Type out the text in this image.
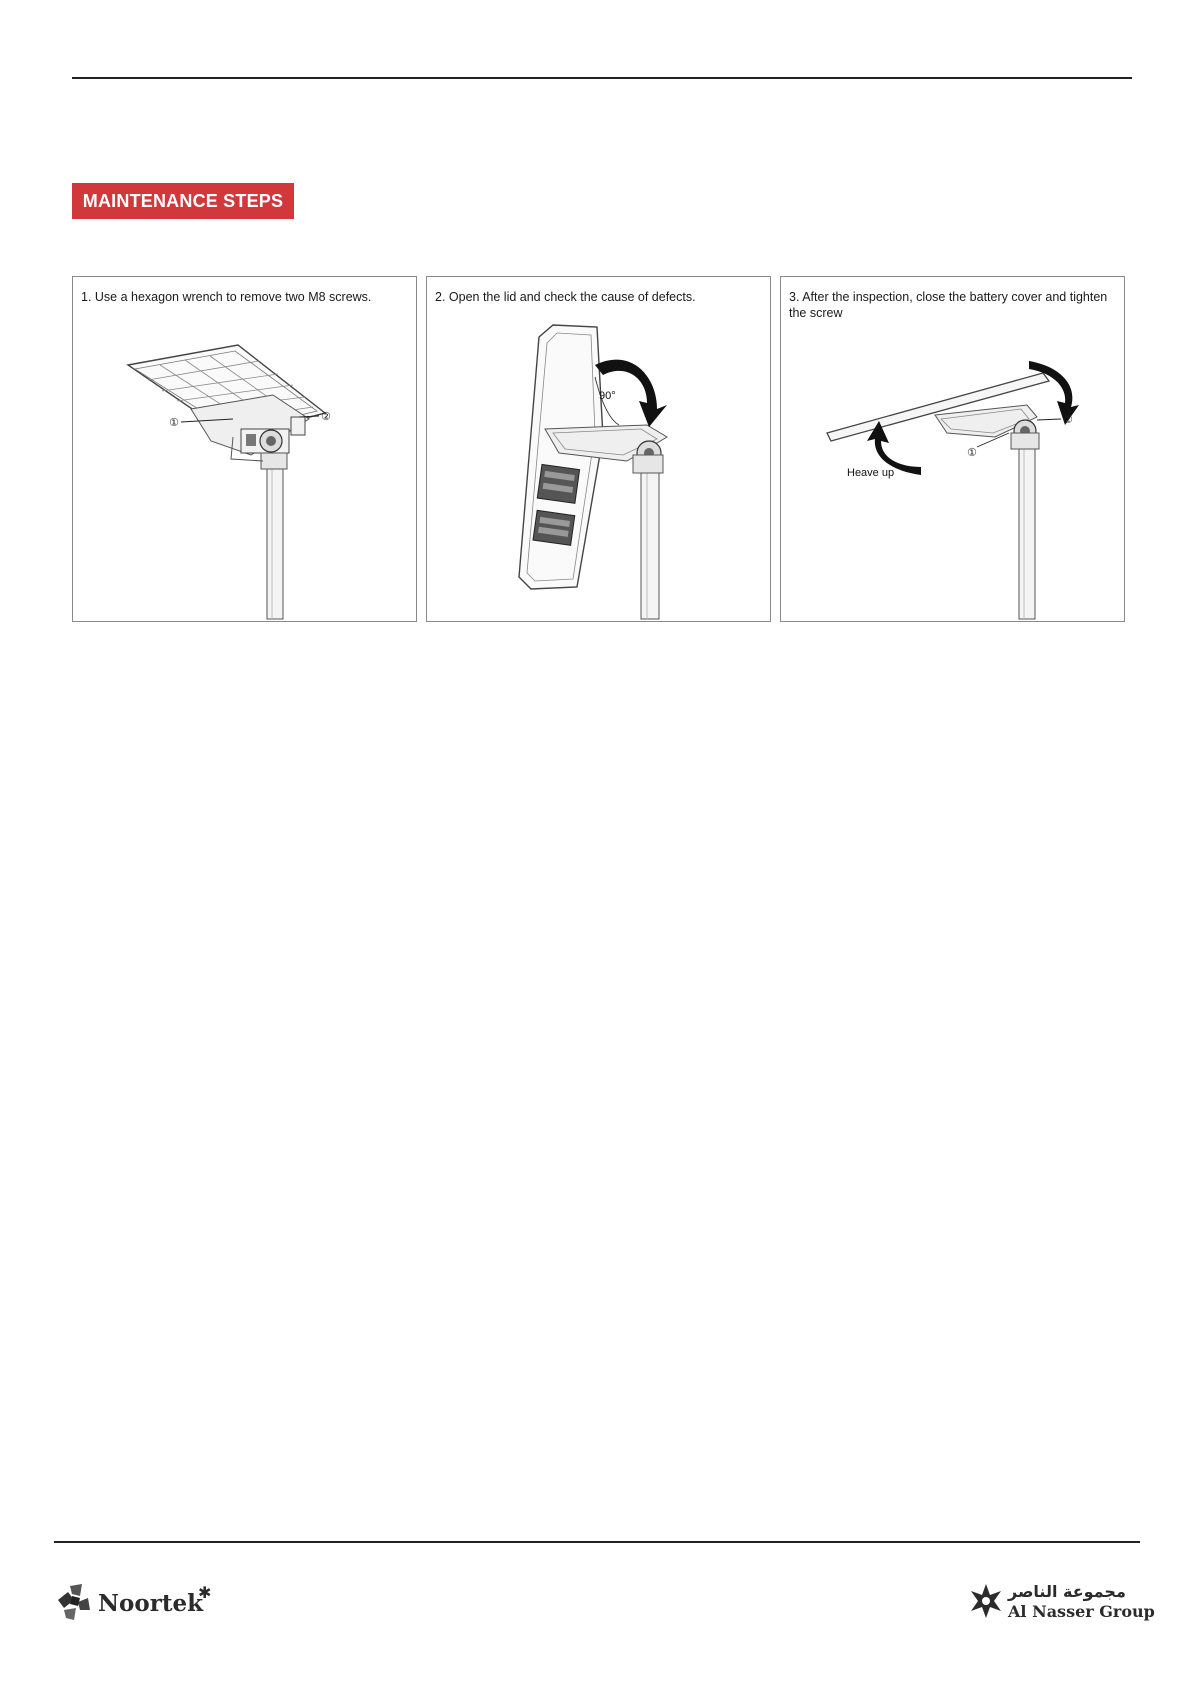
MAINTENANCE STEPS
①	②
1. Use a hexagon wrench to remove two M8 screws.
90°
2. Open the lid and check the cause of defects.
①
②
Heave up
3. After the inspection, close the battery cover and tighten the screw
Noortek
✱	مجموعة الناصر
Al Nasser Group
